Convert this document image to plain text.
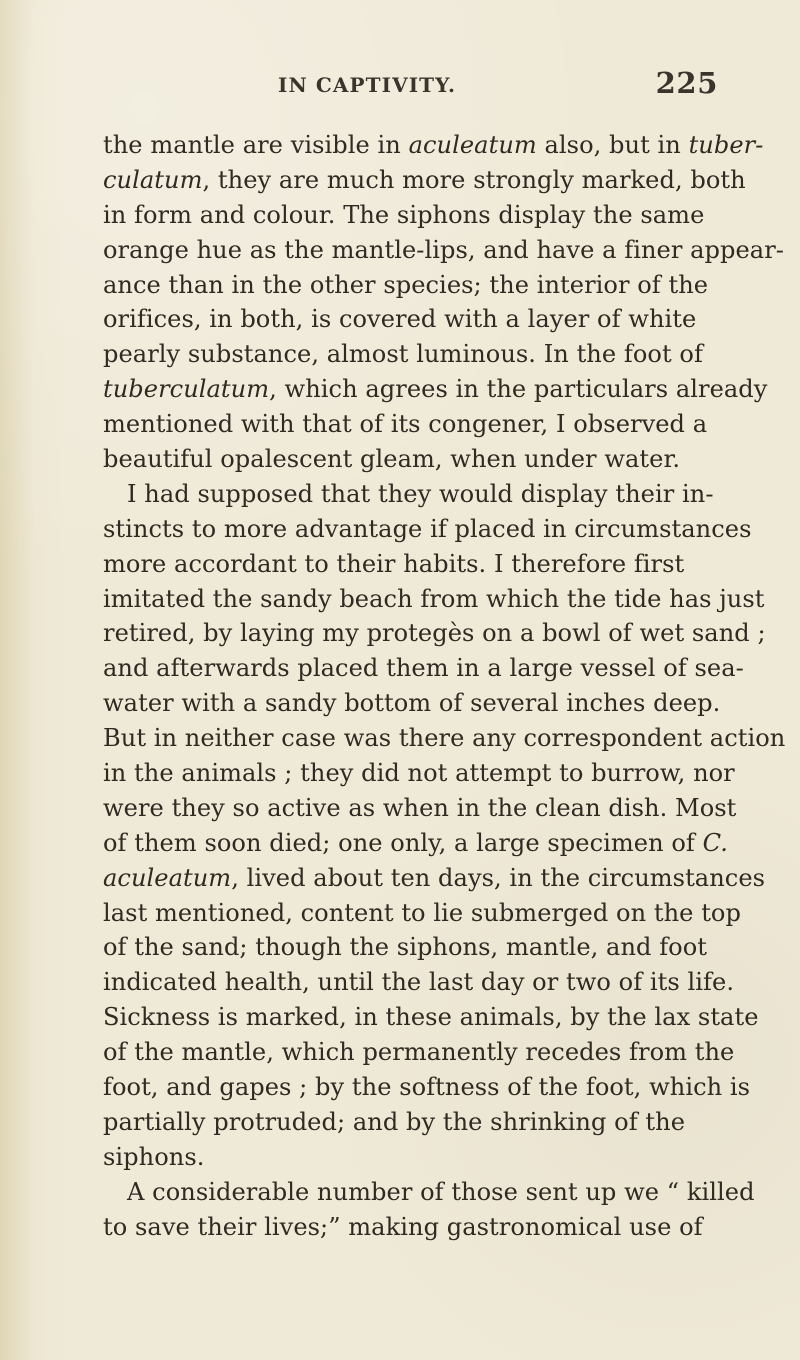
IN CAPTIVITY.	225
the mantle are visible in aculeatum also, but in tuber-
culatum, they are much more strongly marked, both
in form and colour. The siphons display the same
orange hue as the mantle-lips, and have a finer appear-
ance than in the other species; the interior of the
orifices, in both, is covered with a layer of white
pearly substance, almost luminous. In the foot of
tuberculatum, which agrees in the particulars already
mentioned with that of its congener, I observed a
beautiful opalescent gleam, when under water.
I had supposed that they would display their in-
stincts to more advantage if placed in circumstances
more accordant to their habits. I therefore first
imitated the sandy beach from which the tide has just
retired, by laying my protegès on a bowl of wet sand ;
and afterwards placed them in a large vessel of sea-
water with a sandy bottom of several inches deep.
But in neither case was there any correspondent action
in the animals ; they did not attempt to burrow, nor
were they so active as when in the clean dish. Most
of them soon died; one only, a large specimen of C.
aculeatum, lived about ten days, in the circumstances
last mentioned, content to lie submerged on the top
of the sand; though the siphons, mantle, and foot
indicated health, until the last day or two of its life.
Sickness is marked, in these animals, by the lax state
of the mantle, which permanently recedes from the
foot, and gapes ; by the softness of the foot, which is
partially protruded; and by the shrinking of the
siphons.
A considerable number of those sent up we “ killed
to save their lives;” making gastronomical use of
